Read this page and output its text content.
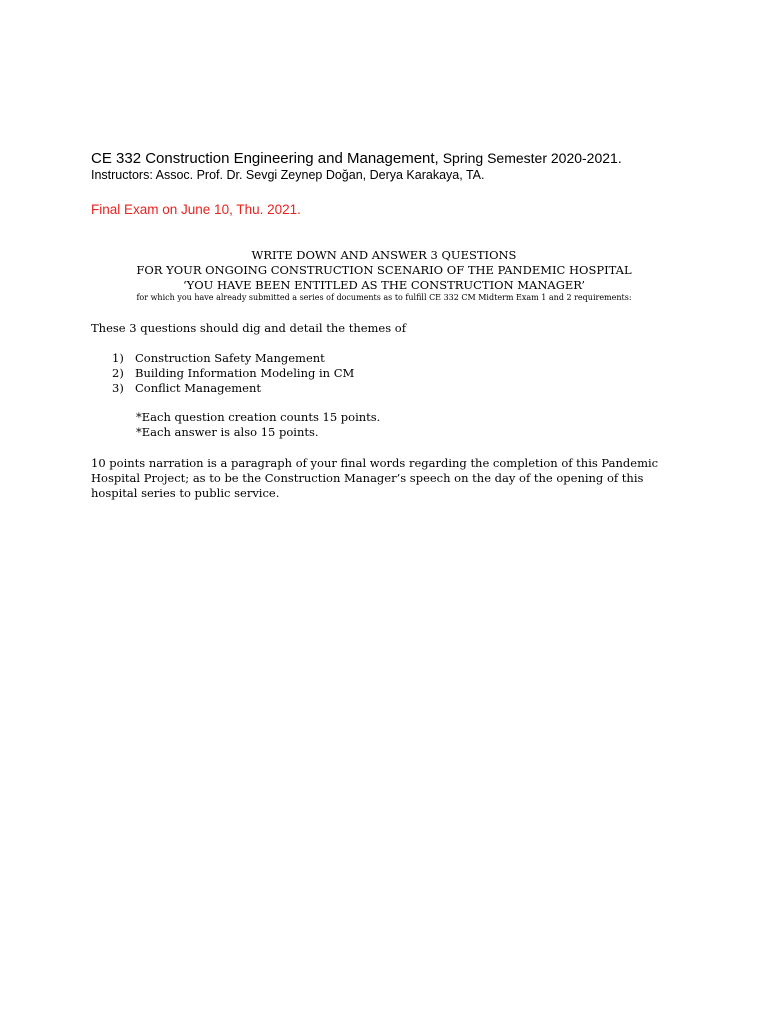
CE 332 Construction Engineering and Management, Spring Semester 2020-2021.
Instructors: Assoc. Prof. Dr. Sevgi Zeynep Doğan, Derya Karakaya, TA.
Final Exam on June 10, Thu. 2021.
WRITE DOWN AND ANSWER 3 QUESTIONS
FOR YOUR ONGOING CONSTRUCTION SCENARIO OF THE PANDEMIC HOSPITAL
‘YOU HAVE BEEN ENTITLED AS THE CONSTRUCTION MANAGER’
for which you have already submitted a series of documents as to fulfill CE 332 CM Midterm Exam 1 and 2 requirements:
These 3 questions should dig and detail the themes of
1) Construction Safety Mangement
2) Building Information Modeling in CM
3) Conflict Management
*Each question creation counts 15 points.
*Each answer is also 15 points.
10 points narration is a paragraph of your final words regarding the completion of this Pandemic
Hospital Project; as to be the Construction Manager’s speech on the day of the opening of this
hospital series to public service.
